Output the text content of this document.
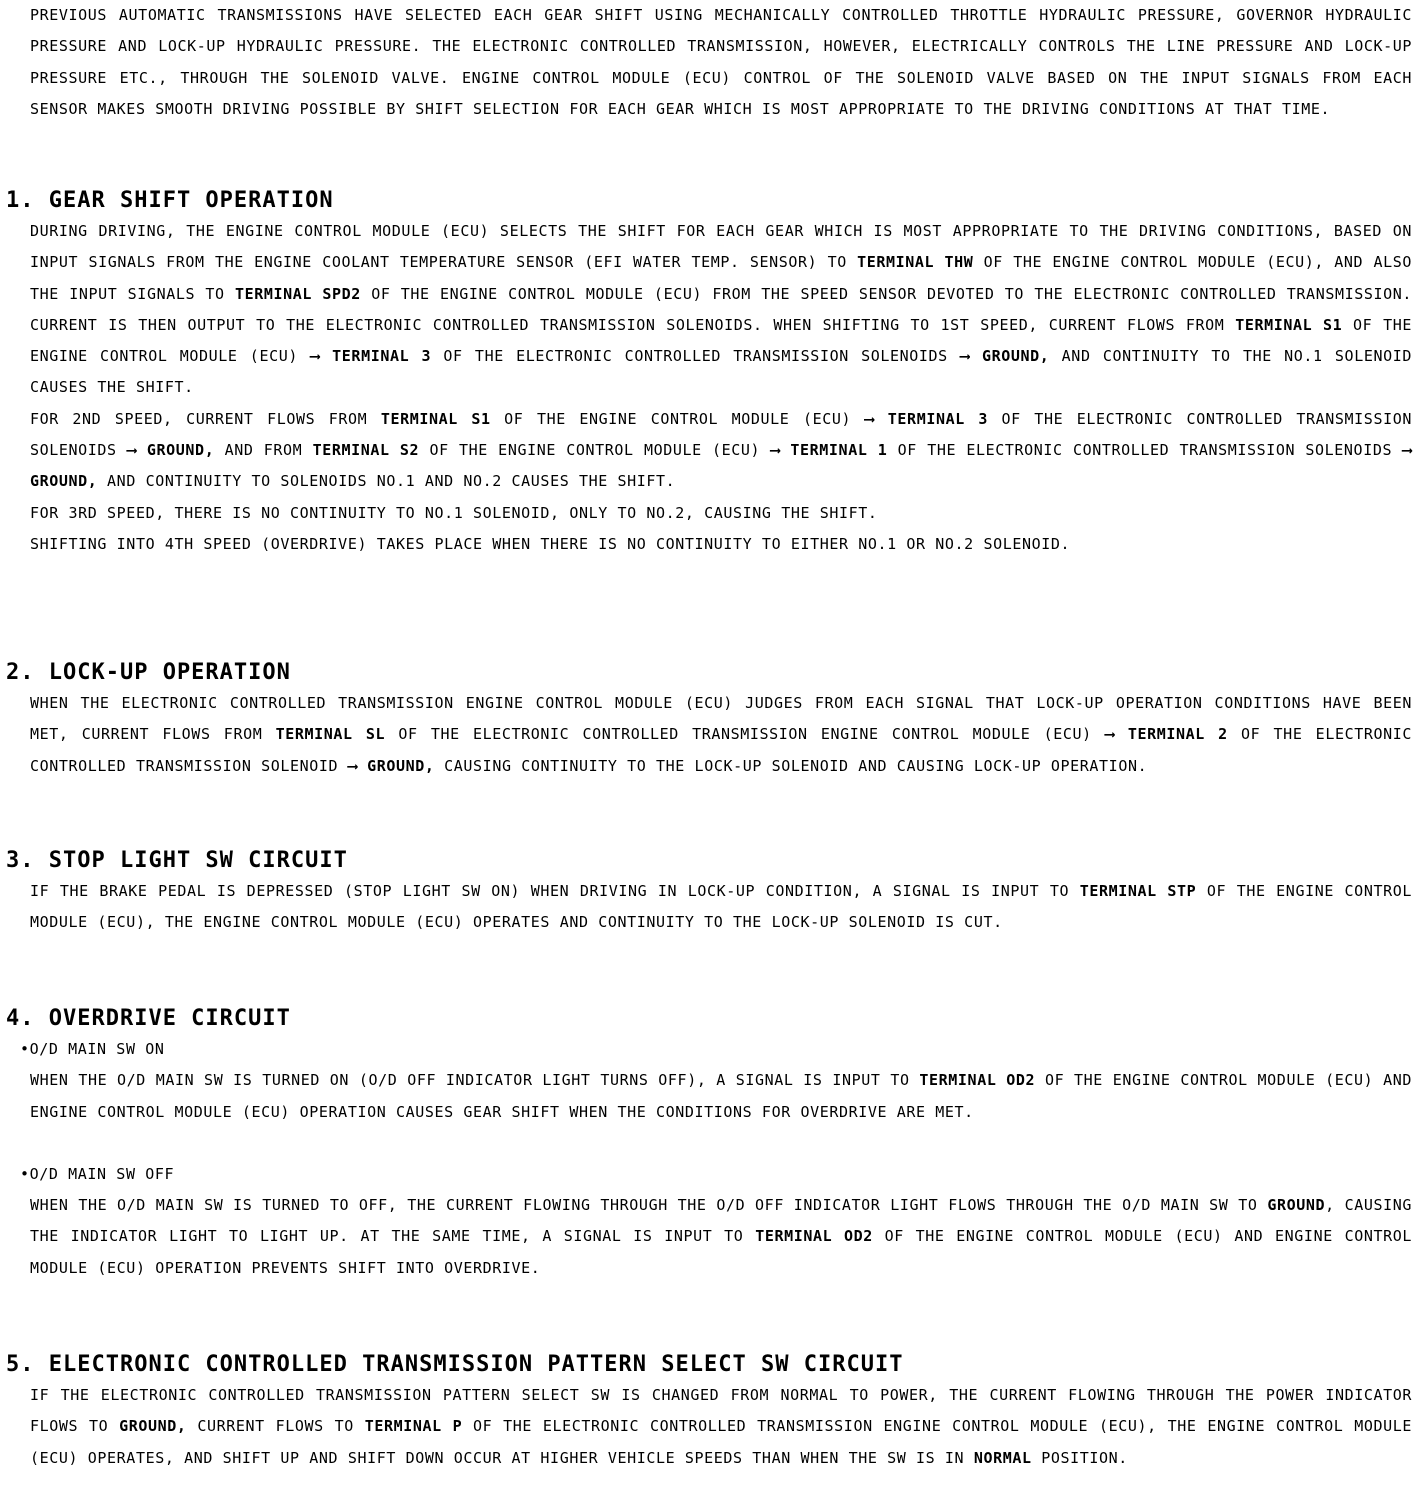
PREVIOUS AUTOMATIC TRANSMISSIONS HAVE SELECTED EACH GEAR SHIFT USING MECHANICALLY CONTROLLED THROTTLE HYDRAULIC PRESSURE, GOVERNOR HYDRAULIC PRESSURE AND LOCK-UP HYDRAULIC PRESSURE. THE ELECTRONIC CONTROLLED TRANSMISSION, HOWEVER, ELECTRICALLY CONTROLS THE LINE PRESSURE AND LOCK-UP PRESSURE ETC., THROUGH THE SOLENOID VALVE. ENGINE CONTROL MODULE (ECU) CONTROL OF THE SOLENOID VALVE BASED ON THE INPUT SIGNALS FROM EACH SENSOR MAKES SMOOTH DRIVING POSSIBLE BY SHIFT SELECTION FOR EACH GEAR WHICH IS MOST APPROPRIATE TO THE DRIVING CONDITIONS AT THAT TIME.

1. GEAR SHIFT OPERATION

DURING DRIVING, THE ENGINE CONTROL MODULE (ECU) SELECTS THE SHIFT FOR EACH GEAR WHICH IS MOST APPROPRIATE TO THE DRIVING CONDITIONS, BASED ON INPUT SIGNALS FROM THE ENGINE COOLANT TEMPERATURE SENSOR (EFI WATER TEMP. SENSOR) TO TERMINAL THW OF THE ENGINE CONTROL MODULE (ECU), AND ALSO THE INPUT SIGNALS TO TERMINAL SPD2 OF THE ENGINE CONTROL MODULE (ECU) FROM THE SPEED SENSOR DEVOTED TO THE ELECTRONIC CONTROLLED TRANSMISSION. CURRENT IS THEN OUTPUT TO THE ELECTRONIC CONTROLLED TRANSMISSION SOLENOIDS. WHEN SHIFTING TO 1ST SPEED, CURRENT FLOWS FROM TERMINAL S1 OF THE ENGINE CONTROL MODULE (ECU) ⟶ TERMINAL 3 OF THE ELECTRONIC CONTROLLED TRANSMISSION SOLENOIDS ⟶ GROUND, AND CONTINUITY TO THE NO.1 SOLENOID CAUSES THE SHIFT.

FOR 2ND SPEED, CURRENT FLOWS FROM TERMINAL S1 OF THE ENGINE CONTROL MODULE (ECU) ⟶ TERMINAL 3 OF THE ELECTRONIC CONTROLLED TRANSMISSION SOLENOIDS ⟶ GROUND, AND FROM TERMINAL S2 OF THE ENGINE CONTROL MODULE (ECU) ⟶ TERMINAL 1 OF THE ELECTRONIC CONTROLLED TRANSMISSION SOLENOIDS ⟶ GROUND, AND CONTINUITY TO SOLENOIDS NO.1 AND NO.2 CAUSES THE SHIFT.

FOR 3RD SPEED, THERE IS NO CONTINUITY TO NO.1 SOLENOID, ONLY TO NO.2, CAUSING THE SHIFT.

SHIFTING INTO 4TH SPEED (OVERDRIVE) TAKES PLACE WHEN THERE IS NO CONTINUITY TO EITHER NO.1 OR NO.2 SOLENOID.

2. LOCK-UP OPERATION

WHEN THE ELECTRONIC CONTROLLED TRANSMISSION ENGINE CONTROL MODULE (ECU) JUDGES FROM EACH SIGNAL THAT LOCK-UP OPERATION CONDITIONS HAVE BEEN MET, CURRENT FLOWS FROM TERMINAL SL OF THE ELECTRONIC CONTROLLED TRANSMISSION ENGINE CONTROL MODULE (ECU) ⟶ TERMINAL 2 OF THE ELECTRONIC CONTROLLED TRANSMISSION SOLENOID ⟶ GROUND, CAUSING CONTINUITY TO THE LOCK-UP SOLENOID AND CAUSING LOCK-UP OPERATION.

3. STOP LIGHT SW CIRCUIT

IF THE BRAKE PEDAL IS DEPRESSED (STOP LIGHT SW ON) WHEN DRIVING IN LOCK-UP CONDITION, A SIGNAL IS INPUT TO TERMINAL STP OF THE ENGINE CONTROL MODULE (ECU), THE ENGINE CONTROL MODULE (ECU) OPERATES AND CONTINUITY TO THE LOCK-UP SOLENOID IS CUT.

4. OVERDRIVE CIRCUIT
•O/D MAIN SW ON

WHEN THE O/D MAIN SW IS TURNED ON (O/D OFF INDICATOR LIGHT TURNS OFF), A SIGNAL IS INPUT TO TERMINAL OD2 OF THE ENGINE CONTROL MODULE (ECU) AND ENGINE CONTROL MODULE (ECU) OPERATION CAUSES GEAR SHIFT WHEN THE CONDITIONS FOR OVERDRIVE ARE MET.

•O/D MAIN SW OFF

WHEN THE O/D MAIN SW IS TURNED TO OFF, THE CURRENT FLOWING THROUGH THE O/D OFF INDICATOR LIGHT FLOWS THROUGH THE O/D MAIN SW TO GROUND, CAUSING THE INDICATOR LIGHT TO LIGHT UP. AT THE SAME TIME, A SIGNAL IS INPUT TO TERMINAL OD2 OF THE ENGINE CONTROL MODULE (ECU) AND ENGINE CONTROL MODULE (ECU) OPERATION PREVENTS SHIFT INTO OVERDRIVE.

5. ELECTRONIC CONTROLLED TRANSMISSION PATTERN SELECT SW CIRCUIT

IF THE ELECTRONIC CONTROLLED TRANSMISSION PATTERN SELECT SW IS CHANGED FROM NORMAL TO POWER, THE CURRENT FLOWING THROUGH THE POWER INDICATOR FLOWS TO GROUND, CURRENT FLOWS TO TERMINAL P OF THE ELECTRONIC CONTROLLED TRANSMISSION ENGINE CONTROL MODULE (ECU), THE ENGINE CONTROL MODULE (ECU) OPERATES, AND SHIFT UP AND SHIFT DOWN OCCUR AT HIGHER VEHICLE SPEEDS THAN WHEN THE SW IS IN NORMAL POSITION.
